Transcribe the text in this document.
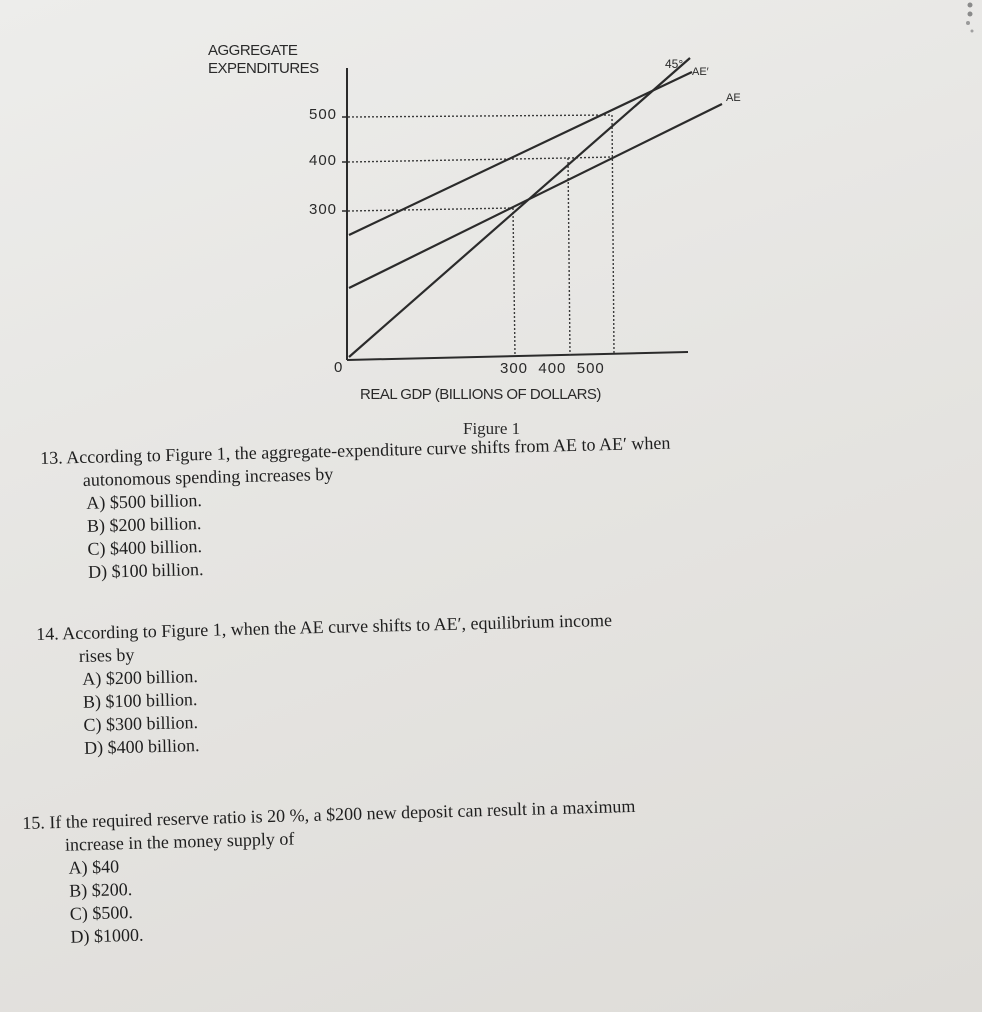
AGGREGATE
EXPENDITURES
500
400
300
0
45°
AE′
AE
300  400  500
REAL GDP (BILLIONS OF DOLLARS)
Figure 1
13. According to Figure 1, the aggregate-expenditure curve shifts from AE to AE′ when
autonomous spending increases by
A) $500 billion.
B) $200 billion.
C) $400 billion.
D) $100 billion.
14. According to Figure 1, when the AE curve shifts to AE′, equilibrium income
rises by
A) $200 billion.
B) $100 billion.
C) $300 billion.
D) $400 billion.
15. If the required reserve ratio is 20 %, a $200 new deposit can result in a maximum
increase in the money supply of
A) $40
B) $200.
C) $500.
D) $1000.
